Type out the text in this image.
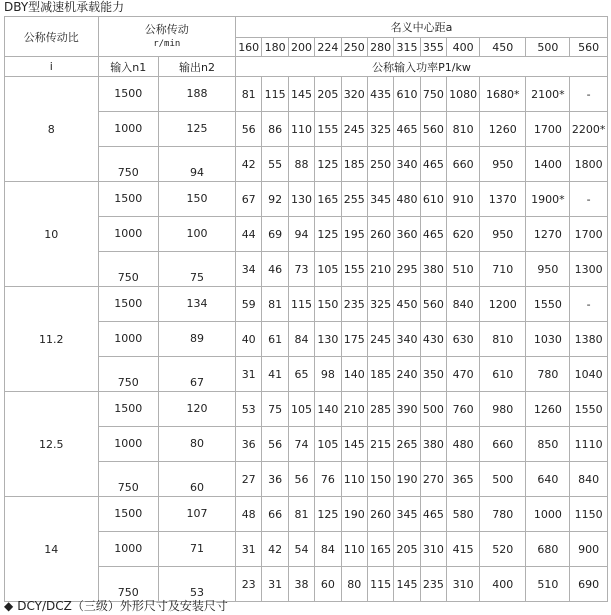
DBY型减速机承载能力
公称传动比	公称传动
r/min		名义中心距a											
			160	180	200	224	250	280	315	355	400	450	500	560
i	输入n1	输出n2	公称输入功率P1/kw											
8	1500	188	81	115	145	205	320	435	610	750	1080	1680*	2100*	-

	1000	125	56	86	110	155	245	325	465	560	810	1260	1700	2200*

	750	94	42	55	88	125	185	250	340	465	660	950	1400	1800
10	1500	150	67	92	130	165	255	345	480	610	910	1370	1900*	-

	1000	100	44	69	94	125	195	260	360	465	620	950	1270	1700

	750	75	34	46	73	105	155	210	295	380	510	710	950	1300
11.2	1500	134	59	81	115	150	235	325	450	560	840	1200	1550	-

	1000	89	40	61	84	130	175	245	340	430	630	810	1030	1380

	750	67	31	41	65	98	140	185	240	350	470	610	780	1040
12.5	1500	120	53	75	105	140	210	285	390	500	760	980	1260	1550

	1000	80	36	56	74	105	145	215	265	380	480	660	850	1110

	750	60	27	36	56	76	110	150	190	270	365	500	640	840
14	1500	107	48	66	81	125	190	260	345	465	580	780	1000	1150

	1000	71	31	42	54	84	110	165	205	310	415	520	680	900

	750	53	23	31	38	60	80	115	145	235	310	400	510	690
◆ DCY/DCZ（三级）外形尺寸及安装尺寸
